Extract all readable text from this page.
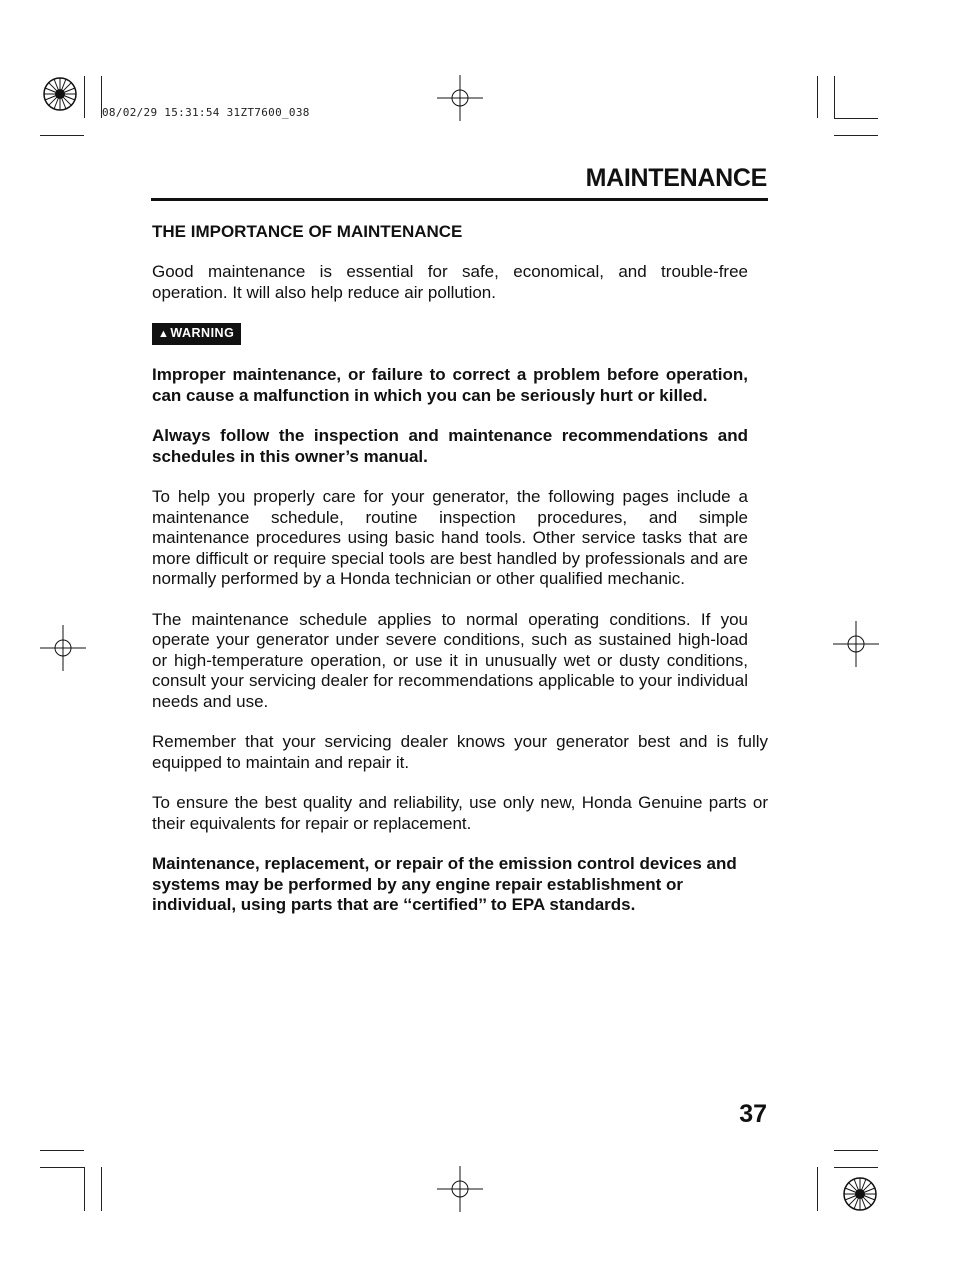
08/02/29 15:31:54 31ZT7600_038
MAINTENANCE
THE IMPORTANCE OF MAINTENANCE

Good maintenance is essential for safe, economical, and trouble-free operation. It will also help reduce air pollution.

▲WARNING

Improper maintenance, or failure to correct a problem before operation, can cause a malfunction in which you can be seriously hurt or killed.

Always follow the inspection and maintenance recommendations and schedules in this owner’s manual.

To help you properly care for your generator, the following pages include a maintenance schedule, routine inspection procedures, and simple maintenance procedures using basic hand tools. Other service tasks that are more difficult or require special tools are best handled by professionals and are normally performed by a Honda technician or other qualified mechanic.

The maintenance schedule applies to normal operating conditions. If you operate your generator under severe conditions, such as sustained high-load or high-temperature operation, or use it in unusually wet or dusty conditions, consult your servicing dealer for recommendations applicable to your individual needs and use.

Remember that your servicing dealer knows your generator best and is fully equipped to maintain and repair it.

To ensure the best quality and reliability, use only new, Honda Genuine parts or their equivalents for repair or replacement.

Maintenance, replacement, or repair of the emission control devices and systems may be performed by any engine repair establishment or individual, using parts that are ‘‘certified’’ to EPA standards.

37
